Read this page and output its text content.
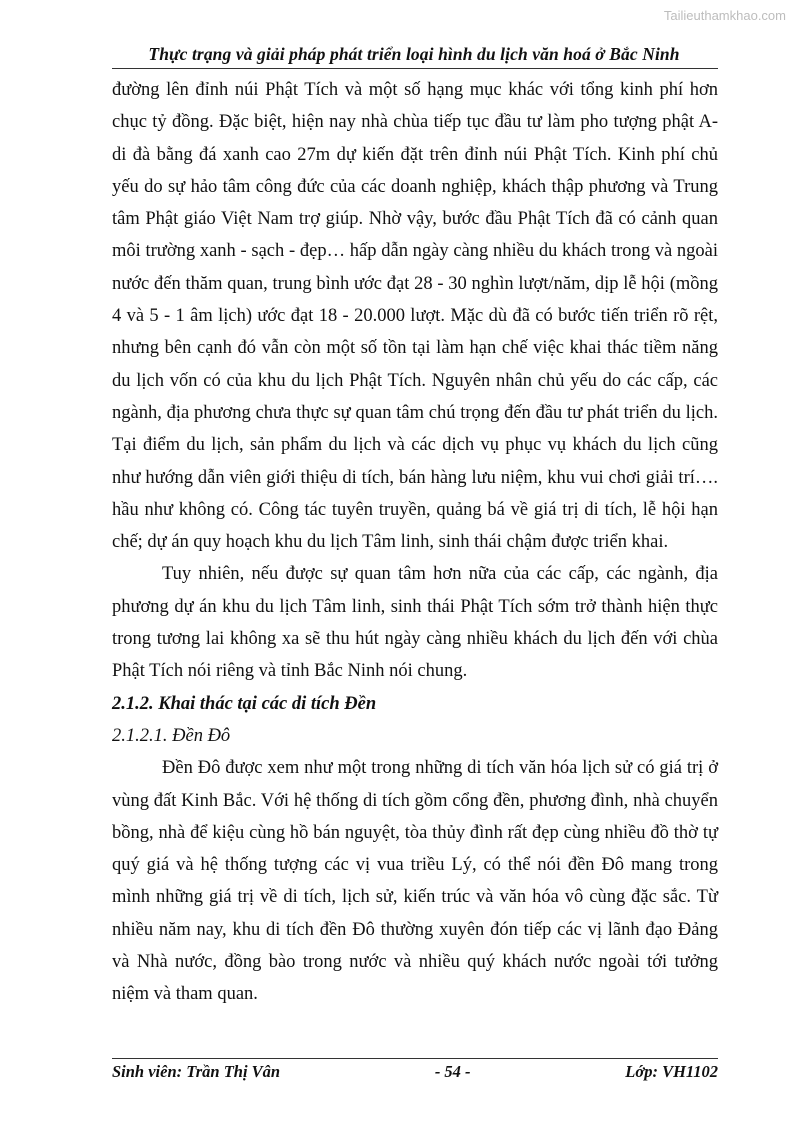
Tailieuthamkhao.com
Thực trạng và giải pháp phát triển loại hình du lịch văn hoá ở Bắc Ninh

đường lên đỉnh núi Phật Tích và một số hạng mục khác với tổng kinh phí hơn chục tỷ đồng. Đặc biệt, hiện nay nhà chùa tiếp tục đầu tư làm pho tượng phật A-di đà bằng đá xanh cao 27m dự kiến đặt trên đỉnh núi Phật Tích. Kinh phí chủ yếu do sự hảo tâm công đức của các doanh nghiệp, khách thập phương và Trung tâm Phật giáo Việt Nam trợ giúp. Nhờ vậy, bước đầu Phật Tích đã có cảnh quan môi trường xanh - sạch - đẹp… hấp dẫn ngày càng nhiều du khách trong và ngoài nước đến thăm quan, trung bình ước đạt 28 - 30 nghìn lượt/năm, dịp lễ hội (mồng 4 và 5 - 1 âm lịch) ước đạt 18 - 20.000 lượt. Mặc dù đã có bước tiến triển rõ rệt, nhưng bên cạnh đó vẫn còn một số tồn tại làm hạn chế việc khai thác tiềm năng du lịch vốn có của khu du lịch Phật Tích. Nguyên nhân chủ yếu do các cấp, các ngành, địa phương chưa thực sự quan tâm chú trọng đến đầu tư phát triển du lịch. Tại điểm du lịch, sản phẩm du lịch và các dịch vụ phục vụ khách du lịch cũng như hướng dẫn viên giới thiệu di tích, bán hàng lưu niệm, khu vui chơi giải trí…. hầu như không có. Công tác tuyên truyền, quảng bá về giá trị di tích, lễ hội hạn chế; dự án quy hoạch khu du lịch Tâm linh, sinh thái chậm được triển khai.

Tuy nhiên, nếu được sự quan tâm hơn nữa của các cấp, các ngành, địa phương dự án khu du lịch Tâm linh, sinh thái Phật Tích sớm trở thành hiện thực trong tương lai không xa sẽ thu hút ngày càng nhiều khách du lịch đến với chùa Phật Tích nói riêng và tỉnh Bắc Ninh nói chung.

2.1.2. Khai thác tại các di tích Đền

2.1.2.1. Đền Đô

Đền Đô được xem như một trong những di tích văn hóa lịch sử có giá trị ở vùng đất Kinh Bắc. Với hệ thống di tích gồm cổng đền, phương đình, nhà chuyển bồng, nhà để kiệu cùng hồ bán nguyệt, tòa thủy đình rất đẹp cùng nhiều đồ thờ tự quý giá và hệ thống tượng các vị vua triều Lý, có thể nói đền Đô mang trong mình những giá trị về di tích, lịch sử, kiến trúc và văn hóa vô cùng đặc sắc. Từ nhiều năm nay, khu di tích đền Đô thường xuyên đón tiếp các vị lãnh đạo Đảng và Nhà nước, đồng bào trong nước và nhiều quý khách nước ngoài tới tưởng niệm và tham quan.

Sinh viên: Trần Thị Vân	- 54 -	Lớp: VH1102
